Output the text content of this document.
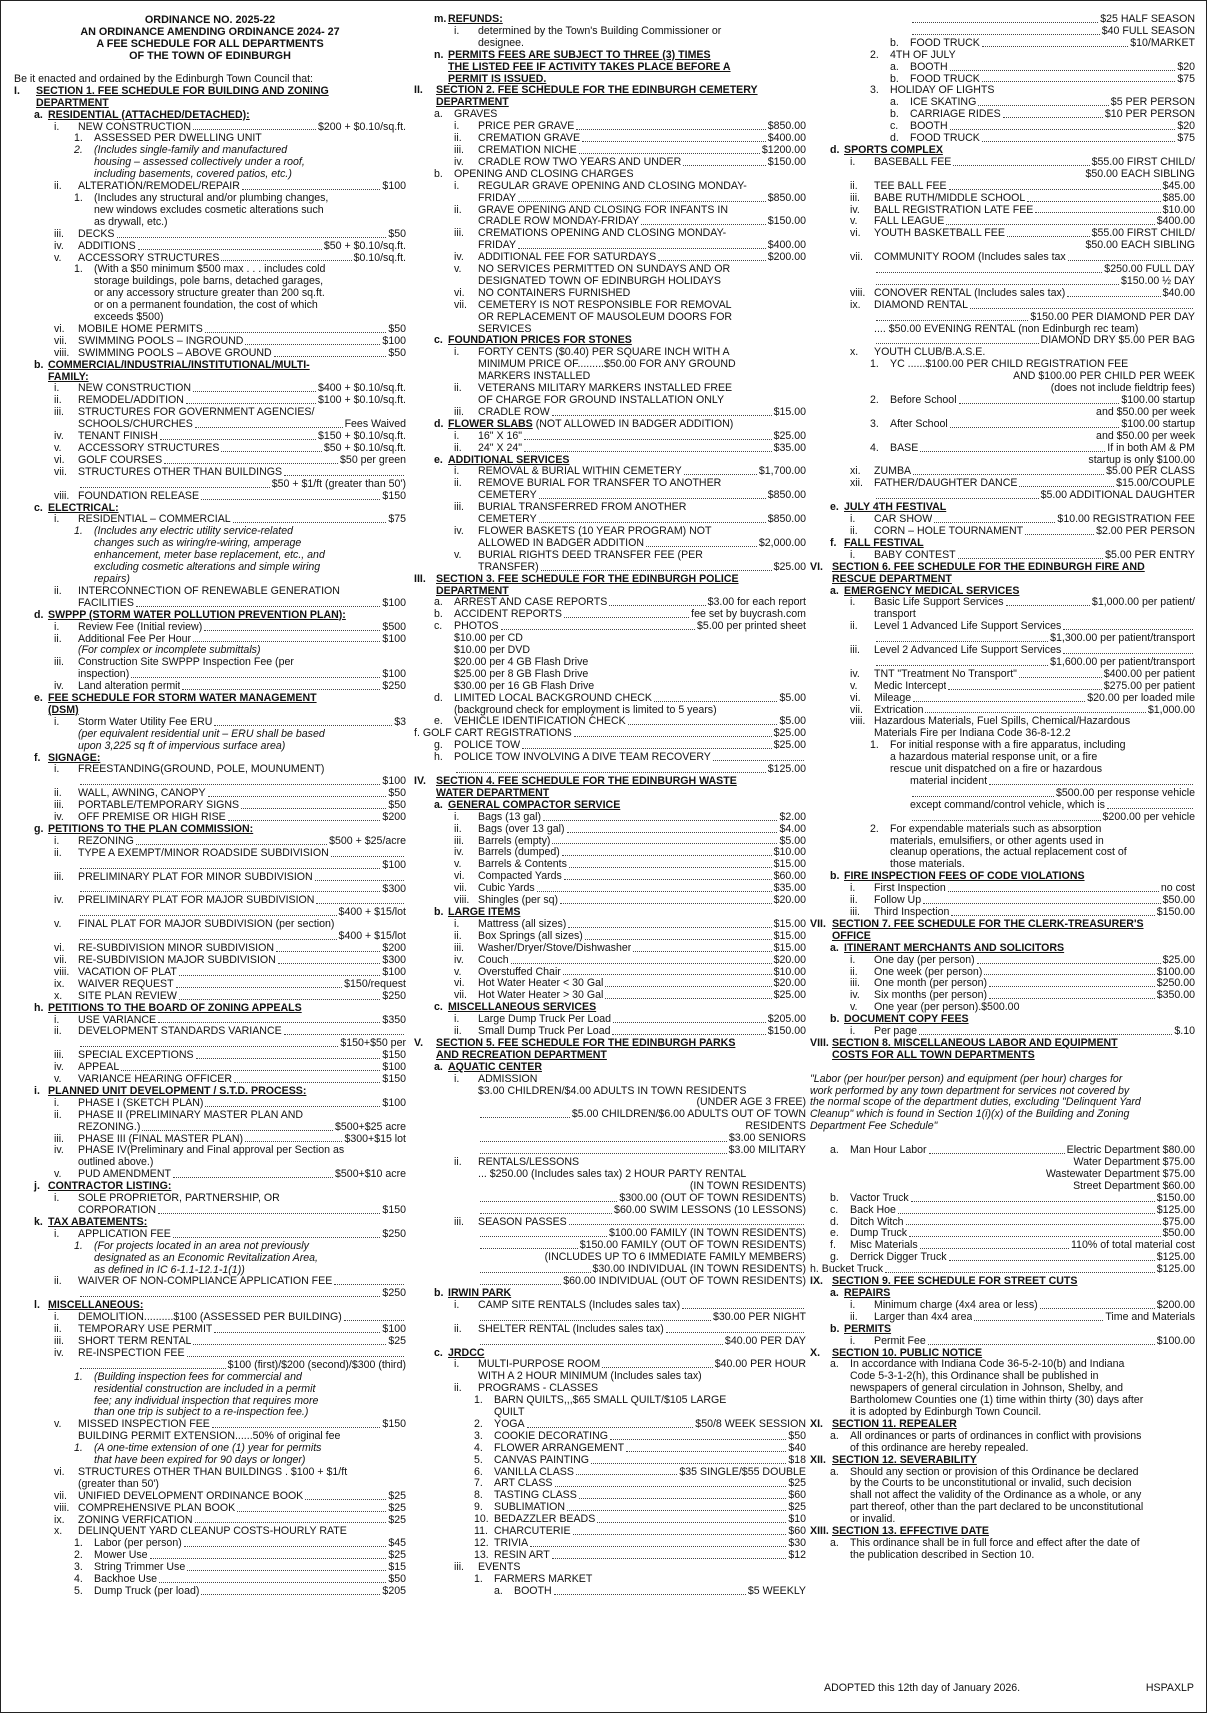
ORDINANCE NO. 2025-22
AN ORDINANCE AMENDING ORDINANCE 2024- 27
A FEE SCHEDULE FOR ALL DEPARTMENTS
OF THE TOWN OF EDINBURGH

Be it enacted and ordained by the Edinburgh Town Council that:
I. SECTION 1. FEE SCHEDULE FOR BUILDING AND ZONING
DEPARTMENT
a. RESIDENTIAL (ATTACHED/DETACHED):
i.	NEW CONSTRUCTION	$200 + $0.10/sq.ft.
1. ASSESSED PER DWELLING UNIT
2. (Includes single-family and manufactured
housing – assessed collectively under a roof,
including basements, covered patios, etc.)
ii.	ALTERATION/REMODEL/REPAIR	$100
1. (Includes any structural and/or plumbing changes,
new windows excludes cosmetic alterations such
as drywall, etc.)
iii.	DECKS	$50
iv.	ADDITIONS	$50 + $0.10/sq.ft.
v.	ACCESSORY STRUCTURES	$0.10/sq.ft.
1. (With a $50 minimum $500 max . . . includes cold
storage buildings, pole barns, detached garages,
or any accessory structure greater than 200 sq.ft.
or on a permanent foundation, the cost of which
exceeds $500)
vi.	MOBILE HOME PERMITS	$50
vii.	SWIMMING POOLS – INGROUND	$100
viii. SWIMMING POOLS – ABOVE GROUND	$50
b. COMMERCIAL/INDUSTRIAL/INSTITUTIONAL/MULTI-
FAMILY:
i.	NEW CONSTRUCTION	$400 + $0.10/sq.ft.
ii.	REMODEL/ADDITION	$100 + $0.10/sq.ft.
iii. STRUCTURES FOR GOVERNMENT AGENCIES/
SCHOOLS/CHURCHES	Fees Waived
iv.	TENANT FINISH	$150 + $0.10/sq.ft.
v.	ACCESSORY STRUCTURES	$50 + $0.10/sq.ft.
vi.	GOLF COURSES	$50 per green
vii.	STRUCTURES OTHER THAN BUILDINGS
$50 + $1/ft (greater than 50')
viii. FOUNDATION RELEASE	$150
c. ELECTRICAL:
i.	RESIDENTIAL – COMMERCIAL	$75
1. (Includes any electric utility service-related
changes such as wiring/re-wiring, amperage
enhancement, meter base replacement, etc., and
excluding cosmetic alterations and simple wiring
repairs)
ii. INTERCONNECTION OF RENEWABLE GENERATION
FACILITIES	$100
d. SWPPP (STORM WATER POLLUTION PREVENTION PLAN):
i.	Review Fee (Initial review)	$500
ii.	Additional Fee Per Hour	$100
(For complex or incomplete submittals)
iii. Construction Site SWPPP Inspection Fee (per
inspection)	$100
iv.	Land alteration permit	$250
e. FEE SCHEDULE FOR STORM WATER MANAGEMENT
(DSM)
i.	Storm Water Utility Fee ERU	$3
(per equivalent residential unit – ERU shall be based
upon 3,225 sq ft of impervious surface area)
f. SIGNAGE:
i. FREESTANDING(GROUND, POLE, MOUNUMENT)
$100
ii.	WALL, AWNING, CANOPY	$50
iii.	PORTABLE/TEMPORARY SIGNS	$50
iv.	OFF PREMISE OR HIGH RISE	$200
g. PETITIONS TO THE PLAN COMMISSION:
i.	REZONING	$500 + $25/acre
ii.	TYPE A EXEMPT/MINOR ROADSIDE SUBDIVISION
$100
iii.	PRELIMINARY PLAT FOR MINOR SUBDIVISION
$300
iv.	PRELIMINARY PLAT FOR MAJOR SUBDIVISION
$400 + $15/lot
v. FINAL PLAT FOR MAJOR SUBDIVISION (per section)
$400 + $15/lot
vi.	RE-SUBDIVISION MINOR SUBDIVISION	$200
vii.	RE-SUBDIVISION MAJOR SUBDIVISION	$300
viii. VACATION OF PLAT	$100
ix.	WAIVER REQUEST	$150/request
x.	SITE PLAN REVIEW	$250
h. PETITIONS TO THE BOARD OF ZONING APPEALS
i.	USE VARIANCE	$350
ii.	DEVELOPMENT STANDARDS VARIANCE
$150+$50 per
iii.	SPECIAL EXCEPTIONS	$150
iv.	APPEAL	$100
v.	VARIANCE HEARING OFFICER	$150
i. PLANNED UNIT DEVELOPMENT / S.T.D. PROCESS:
i.	PHASE I (SKETCH PLAN)	$100
ii. PHASE II (PRELIMINARY MASTER PLAN AND
REZONING.)	$500+$25 acre
iii.	PHASE III (FINAL MASTER PLAN)	$300+$15 lot
iv. PHASE IV(Preliminary and Final approval per Section as
outlined above.)
v.	PUD AMENDMENT	$500+$10 acre
j. CONTRACTOR LISTING:
i. SOLE PROPRIETOR, PARTNERSHIP, OR
CORPORATION	$150
k. TAX ABATEMENTS:
i.	APPLICATION FEE	$250
1. (For projects located in an area not previously
designated as an Economic Revitalization Area,
as defined in IC 6-1.1-12.1-1(1))
ii.	WAIVER OF NON-COMPLIANCE APPLICATION FEE
$250
l. MISCELLANEOUS:
i.	DEMOLITION..........$100 (ASSESSED PER BUILDING)
ii.	TEMPORARY USE PERMIT	$100
iii.	SHORT TERM RENTAL	$25
iv.	RE-INSPECTION FEE
$100 (first)/$200 (second)/$300 (third)
1. (Building inspection fees for commercial and
residential construction are included in a permit
fee; any individual inspection that requires more
than one trip is subject to a re-inspection fee.)
v.	MISSED INSPECTION FEE	$150
BUILDING PERMIT EXTENSION......50% of original fee
1. (A one-time extension of one (1) year for permits
that have been expired for 90 days or longer)
vi. STRUCTURES OTHER THAN BUILDINGS . $100 + $1/ft
(greater than 50')
vii.	UNIFIED DEVELOPMENT ORDINANCE BOOK	$25
viii. COMPREHENSIVE PLAN BOOK	$25
ix.	ZONING VERFICATION	$25
x. DELINQUENT YARD CLEANUP COSTS-HOURLY RATE
1.	Labor (per person)	$45
2.	Mower Use	$25
3.	String Trimmer Use	$15
4.	Backhoe Use	$50
5.	Dump Truck (per load)	$205
m. REFUNDS:
i. determined by the Town's Building Commissioner or
designee.
n. PERMITS FEES ARE SUBJECT TO THREE (3) TIMES
THE LISTED FEE IF ACTIVITY TAKES PLACE BEFORE A
PERMIT IS ISSUED.
II. SECTION 2. FEE SCHEDULE FOR THE EDINBURGH CEMETERY
DEPARTMENT
a. GRAVES
i.	PRICE PER GRAVE	$850.00
ii.	CREMATION GRAVE	$400.00
iii.	CREMATION NICHE	$1200.00
iv.	CRADLE ROW TWO YEARS AND UNDER	$150.00
b. OPENING AND CLOSING CHARGES
i. REGULAR GRAVE OPENING AND CLOSING MONDAY-
FRIDAY	$850.00
ii. GRAVE OPENING AND CLOSING FOR INFANTS IN
CRADLE ROW MONDAY-FRIDAY	$150.00
iii. CREMATIONS OPENING AND CLOSING MONDAY-
FRIDAY	$400.00
iv.	ADDITIONAL FEE FOR SATURDAYS	$200.00
v. NO SERVICES PERMITTED ON SUNDAYS AND OR
DESIGNATED TOWN OF EDINBURGH HOLIDAYS
vi. NO CONTAINERS FURNISHED
vii. CEMETERY IS NOT RESPONSIBLE FOR REMOVAL
OR REPLACEMENT OF MAUSOLEUM DOORS FOR
SERVICES
c. FOUNDATION PRICES FOR STONES
i. FORTY CENTS ($0.40) PER SQUARE INCH WITH A
MINIMUM PRICE OF.........$50.00 FOR ANY GROUND
MARKERS INSTALLED
ii. VETERANS MILITARY MARKERS INSTALLED FREE
OF CHARGE FOR GROUND INSTALLATION ONLY
iii.	CRADLE ROW	$15.00
d. FLOWER SLABS (NOT ALLOWED IN BADGER ADDITION)
i.	16" X 16"	$25.00
ii.	24" X 24"	$35.00
e. ADDITIONAL SERVICES
i.	REMOVAL & BURIAL WITHIN CEMETERY	$1,700.00
ii. REMOVE BURIAL FOR TRANSFER TO ANOTHER
CEMETERY	$850.00
iii. BURIAL TRANSFERRED FROM ANOTHER
CEMETERY	$850.00
iv. FLOWER BASKETS (10 YEAR PROGRAM) NOT
ALLOWED IN BADGER ADDITION	$2,000.00
v. BURIAL RIGHTS DEED TRANSFER FEE (PER
TRANSFER)	$25.00
III. SECTION 3. FEE SCHEDULE FOR THE EDINBURGH POLICE
DEPARTMENT
a.	ARREST AND CASE REPORTS	$3.00 for each report
b.	ACCIDENT REPORTS	fee set by buycrash.com
c.	PHOTOS	$5.00 per printed sheet
$10.00 per CD
$10.00 per DVD
$20.00 per 4 GB Flash Drive
$25.00 per 8 GB Flash Drive
$30.00 per 16 GB Flash Drive
d.	LIMITED LOCAL BACKGROUND CHECK	$5.00
(background check for employment is limited to 5 years)
e.	VEHICLE IDENTIFICATION CHECK	$5.00
f. GOLF CART REGISTRATIONS	$25.00
g.	POLICE TOW	$25.00
h.	POLICE TOW INVOLVING A DIVE TEAM RECOVERY
$125.00
IV. SECTION 4. FEE SCHEDULE FOR THE EDINBURGH WASTE
WATER DEPARTMENT
a. GENERAL COMPACTOR SERVICE
i.	Bags (13 gal)	$2.00
ii.	Bags (over 13 gal)	$4.00
iii.	Barrels (empty)	$5.00
iv.	Barrels (dumped)	$10.00
v.	Barrels & Contents	$15.00
vi.	Compacted Yards	$60.00
vii.	Cubic Yards	$35.00
viii. Shingles (per sq)	$20.00
b. LARGE ITEMS
i.	Mattress (all sizes)	$15.00
ii.	Box Springs (all sizes)	$15.00
iii.	Washer/Dryer/Stove/Dishwasher	$15.00
iv.	Couch	$20.00
v.	Overstuffed Chair	$10.00
vi.	Hot Water Heater < 30 Gal	$20.00
vii.	Hot Water Heater > 30 Gal	$25.00
c. MISCELLANEOUS SERVICES
i.	Large Dump Truck Per Load	$205.00
ii.	Small Dump Truck Per Load	$150.00
V. SECTION 5. FEE SCHEDULE FOR THE EDINBURGH PARKS
AND RECREATION DEPARTMENT
a. AQUATIC CENTER
i. ADMISSION
$3.00 CHILDREN/$4.00 ADULTS IN TOWN RESIDENTS
(UNDER AGE 3 FREE)
$5.00 CHILDREN/$6.00 ADULTS OUT OF TOWN
RESIDENTS
$3.00 SENIORS
$3.00 MILITARY
ii. RENTALS/LESSONS
... $250.00 (Includes sales tax) 2 HOUR PARTY RENTAL
(IN TOWN RESIDENTS)
$300.00 (OUT OF TOWN RESIDENTS)
$60.00 SWIM LESSONS (10 LESSONS)
iii.	SEASON PASSES
$100.00 FAMILY (IN TOWN RESIDENTS)
$150.00 FAMILY (OUT OF TOWN RESIDENTS)
(INCLUDES UP TO 6 IMMEDIATE FAMILY MEMBERS)
$30.00 INDIVIDUAL (IN TOWN RESIDENTS)
$60.00 INDIVIDUAL (OUT OF TOWN RESIDENTS)
b. IRWIN PARK
i.	CAMP SITE RENTALS (Includes sales tax)
$30.00 PER NIGHT
ii.	SHELTER RENTAL (Includes sales tax)
$40.00 PER DAY
c. JRDCC
i.	MULTI-PURPOSE ROOM	$40.00 PER HOUR
WITH A 2 HOUR MINIMUM (Includes sales tax)
ii. PROGRAMS - CLASSES
1. BARN QUILTS,,,$65 SMALL QUILT/$105 LARGE
QUILT
2.	YOGA	$50/8 WEEK SESSION
3.	COOKIE DECORATING	$50
4.	FLOWER ARRANGEMENT	$40
5.	CANVAS PAINTING	$18
6.	VANILLA CLASS	$35 SINGLE/$55 DOUBLE
7.	ART CLASS	$25
8.	TASTING CLASS	$60
9.	SUBLIMATION	$25
10. BEDAZZLER BEADS	$10
11. CHARCUTERIE	$60
12. TRIVIA	$30
13. RESIN ART	$12
iii. EVENTS
1. FARMERS MARKET
a.	BOOTH	$5 WEEKLY
$25 HALF SEASON
$40 FULL SEASON
b.	FOOD TRUCK	$10/MARKET
2. 4TH OF JULY
a.	BOOTH	$20
b.	FOOD TRUCK	$75
3. HOLIDAY OF LIGHTS
a.	ICE SKATING	$5 PER PERSON
b.	CARRIAGE RIDES	$10 PER PERSON
c.	BOOTH	$20
d.	FOOD TRUCK	$75
d. SPORTS COMPLEX
i.	BASEBALL FEE	$55.00 FIRST CHILD/
$50.00 EACH SIBLING
ii.	TEE BALL FEE	$45.00
iii.	BABE RUTH/MIDDLE SCHOOL	$85.00
iv.	BALL REGISTRATION LATE FEE	$10.00
v.	FALL LEAGUE	$400.00
vi.	YOUTH BASKETBALL FEE	$55.00 FIRST CHILD/
$50.00 EACH SIBLING
vii.	COMMUNITY ROOM (Includes sales tax
$250.00 FULL DAY
$150.00 ½ DAY
viii. CONOVER RENTAL (Includes sales tax)	$40.00
ix.	DIAMOND RENTAL
$150.00 PER DIAMOND PER DAY
.... $50.00 EVENING RENTAL (non Edinburgh rec team)
DIAMOND DRY $5.00 PER BAG
x. YOUTH CLUB/B.A.S.E.
1. YC ......$100.00 PER CHILD REGISTRATION FEE
AND $100.00 PER CHILD PER WEEK
(does not include fieldtrip fees)
2.	Before School	$100.00 startup
and $50.00 per week
3.	After School	$100.00 startup
and $50.00 per week
4.	BASE	If in both AM & PM
startup is only $100.00
xi.	ZUMBA	$5.00 PER CLASS
xii.	FATHER/DAUGHTER DANCE	$15.00/COUPLE
$5.00 ADDITIONAL DAUGHTER
e. JULY 4TH FESTIVAL
i.	CAR SHOW	$10.00 REGISTRATION FEE
ii.	CORN – HOLE TOURNAMENT	$2.00 PER PERSON
f. FALL FESTIVAL
i.	BABY CONTEST	$5.00 PER ENTRY
VI. SECTION 6. FEE SCHEDULE FOR THE EDINBURGH FIRE AND
RESCUE DEPARTMENT
a. EMERGENCY MEDICAL SERVICES
i.	Basic Life Support Services	$1,000.00 per patient/
transport
ii.	Level 1 Advanced Life Support Services
$1,300.00 per patient/transport
iii.	Level 2 Advanced Life Support Services
$1,600.00 per patient/transport
iv.	TNT "Treatment No Transport"	$400.00 per patient
v.	Medic Intercept	$275.00 per patient
vi.	Mileage	$20.00 per loaded mile
vii.	Extrication	$1,000.00
viii. Hazardous Materials, Fuel Spills, Chemical/Hazardous
Materials Fire per Indiana Code 36-8-12.2
1. For initial response with a fire apparatus, including
a hazardous material response unit, or a fire
rescue unit dispatched on a fire or hazardous
material incident
$500.00 per response vehicle
except command/control vehicle, which is
$200.00 per vehicle
2. For expendable materials such as absorption
materials, emulsifiers, or other agents used in
cleanup operations, the actual replacement cost of
those materials.
b. FIRE INSPECTION FEES OF CODE VIOLATIONS
i.	First Inspection	no cost
ii.	Follow Up	$50.00
iii.	Third Inspection	$150.00
VII. SECTION 7. FEE SCHEDULE FOR THE CLERK-TREASURER'S
OFFICE
a. ITINERANT MERCHANTS AND SOLICITORS
i.	One day (per person)	$25.00
ii.	One week (per person)	$100.00
iii.	One month (per person)	$250.00
iv.	Six months (per person)	$350.00
v. One year (per person).$500.00
b. DOCUMENT COPY FEES
i.	Per page	$.10
VIII. SECTION 8. MISCELLANEOUS LABOR AND EQUIPMENT
COSTS FOR ALL TOWN DEPARTMENTS

"Labor (per hour/per person) and equipment (per hour) charges for
work performed by any town department for services not covered by
the normal scope of the department duties, excluding "Delinquent Yard
Cleanup" which is found in Section 1(i)(x) of the Building and Zoning
Department Fee Schedule"

a.	Man Hour Labor	Electric Department $80.00
Water Department $75.00
Wastewater Department $75.00
Street Department $60.00
b.	Vactor Truck	$150.00
c.	Back Hoe	$125.00
d.	Ditch Witch	$75.00
e.	Dump Truck	$50.00
f.	Misc Materials	110% of total material cost
g.	Derrick Digger Truck	$125.00
h. Bucket Truck	$125.00
IX. SECTION 9. FEE SCHEDULE FOR STREET CUTS
a. REPAIRS
i.	Minimum charge (4x4 area or less)	$200.00
ii.	Larger than 4x4 area	Time and Materials
b. PERMITS
i.	Permit Fee	$100.00
X. SECTION 10. PUBLIC NOTICE
a. In accordance with Indiana Code 36-5-2-10(b) and Indiana
Code 5-3-1-2(h), this Ordinance shall be published in
newspapers of general circulation in Johnson, Shelby, and
Bartholomew Counties one (1) time within thirty (30) days after
it is adopted by Edinburgh Town Council.
XI. SECTION 11. REPEALER
a. All ordinances or parts of ordinances in conflict with provisions
of this ordinance are hereby repealed.
XII. SECTION 12. SEVERABILITY
a. Should any section or provision of this Ordinance be declared
by the Courts to be unconstitutional or invalid, such decision
shall not affect the validity of the Ordinance as a whole, or any
part thereof, other than the part declared to be unconstitutional
or invalid.
XIII. SECTION 13. EFFECTIVE DATE
a. This ordinance shall be in full force and effect after the date of
the publication described in Section 10.

ADOPTED this 12th day of January 2026.	HSPAXLP
